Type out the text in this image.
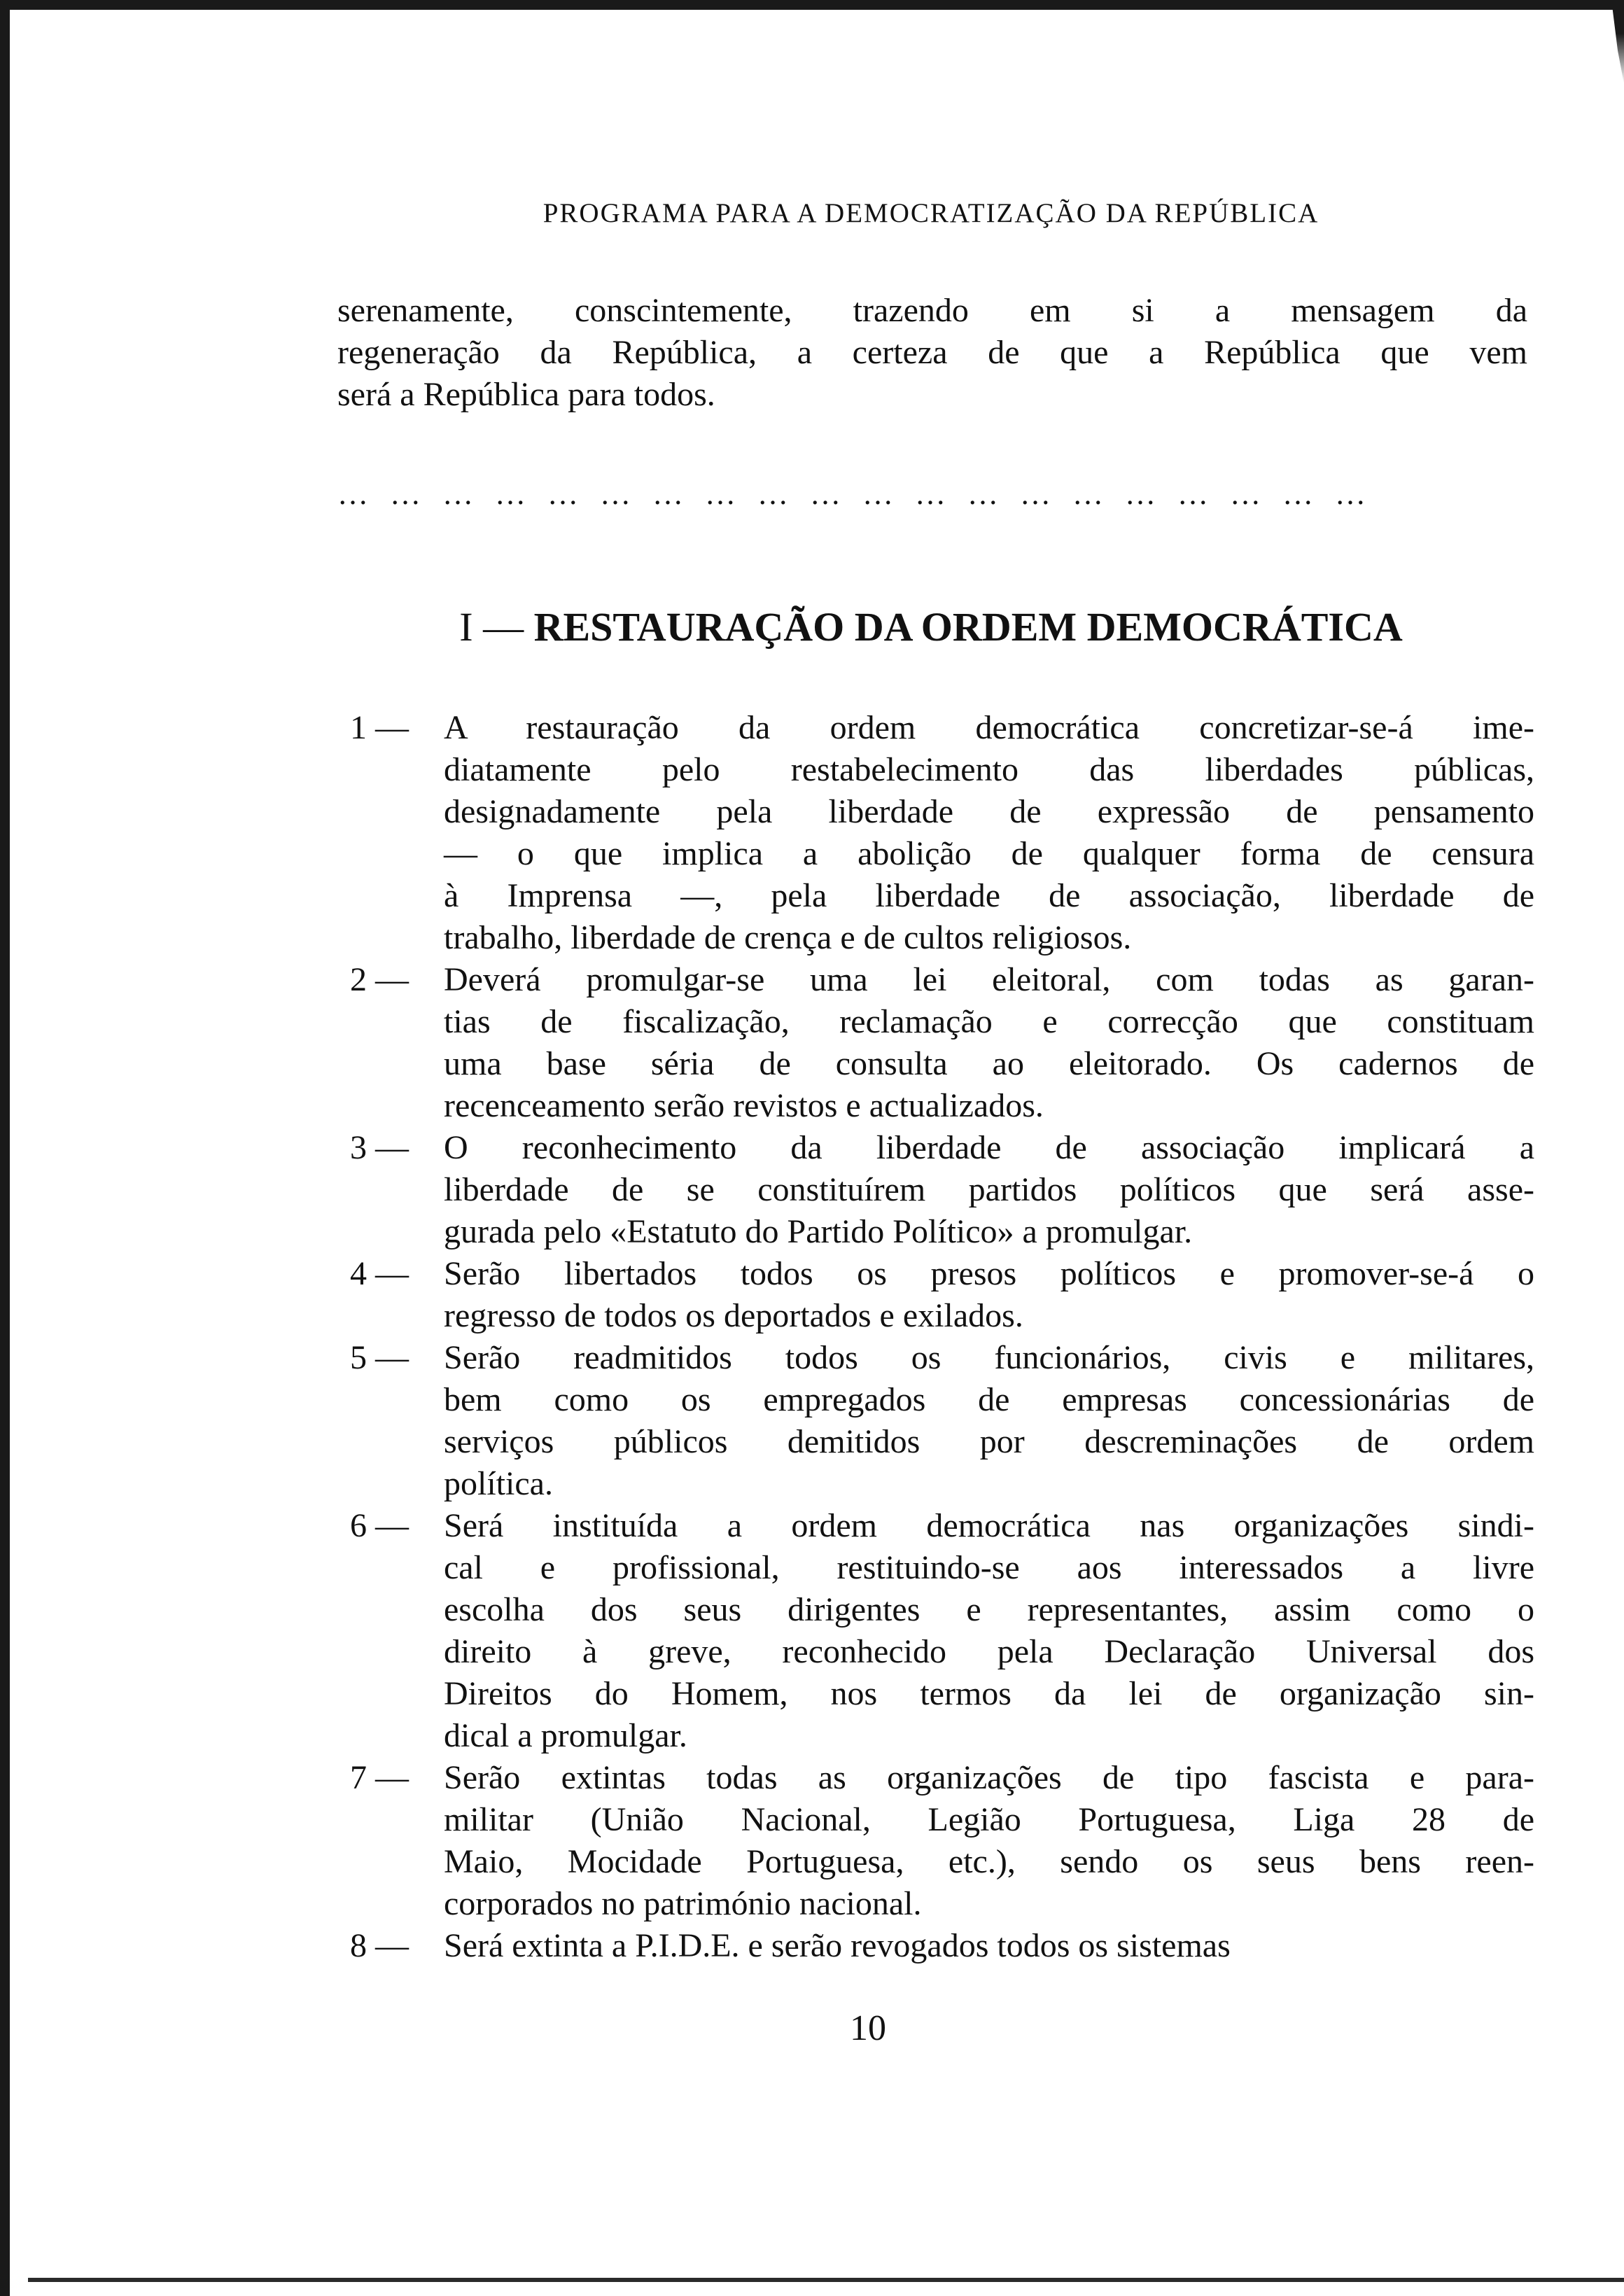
PROGRAMA PARA A DEMOCRATIZAÇÃO DA REPÚBLICA
serenamente, conscintemente, trazendo em si a mensagem da
regeneração da República, a certeza de que a República que vem
será a República para todos.
… … … … … … … … … … … … … … … … … … … …
I — RESTAURAÇÃO DA ORDEM DEMOCRÁTICA
1 —	A restauração da ordem democrática concretizar-se-á ime-
diatamente pelo restabelecimento das liberdades públicas,
designadamente pela liberdade de expressão de pensamento
— o que implica a abolição de qualquer forma de censura
à Imprensa —, pela liberdade de associação, liberdade de
trabalho, liberdade de crença e de cultos religiosos.
2 —	Deverá promulgar-se uma lei eleitoral, com todas as garan-
tias de fiscalização, reclamação e correcção que constituam
uma base séria de consulta ao eleitorado. Os cadernos de
recenceamento serão revistos e actualizados.
3 —	O reconhecimento da liberdade de associação implicará a
liberdade de se constituírem partidos políticos que será asse-
gurada pelo «Estatuto do Partido Político» a promulgar.
4 —	Serão libertados todos os presos políticos e promover-se-á o
regresso de todos os deportados e exilados.
5 —	Serão readmitidos todos os funcionários, civis e militares,
bem como os empregados de empresas concessionárias de
serviços públicos demitidos por descreminações de ordem
política.
6 —	Será instituída a ordem democrática nas organizações sindi-
cal e profissional, restituindo-se aos interessados a livre
escolha dos seus dirigentes e representantes, assim como o
direito à greve, reconhecido pela Declaração Universal dos
Direitos do Homem, nos termos da lei de organização sin-
dical a promulgar.
7 —	Serão extintas todas as organizações de tipo fascista e para-
militar (União Nacional, Legião Portuguesa, Liga 28 de
Maio, Mocidade Portuguesa, etc.), sendo os seus bens reen-
corporados no património nacional.
8 —	Será extinta a P.I.D.E. e serão revogados todos os sistemas
10
